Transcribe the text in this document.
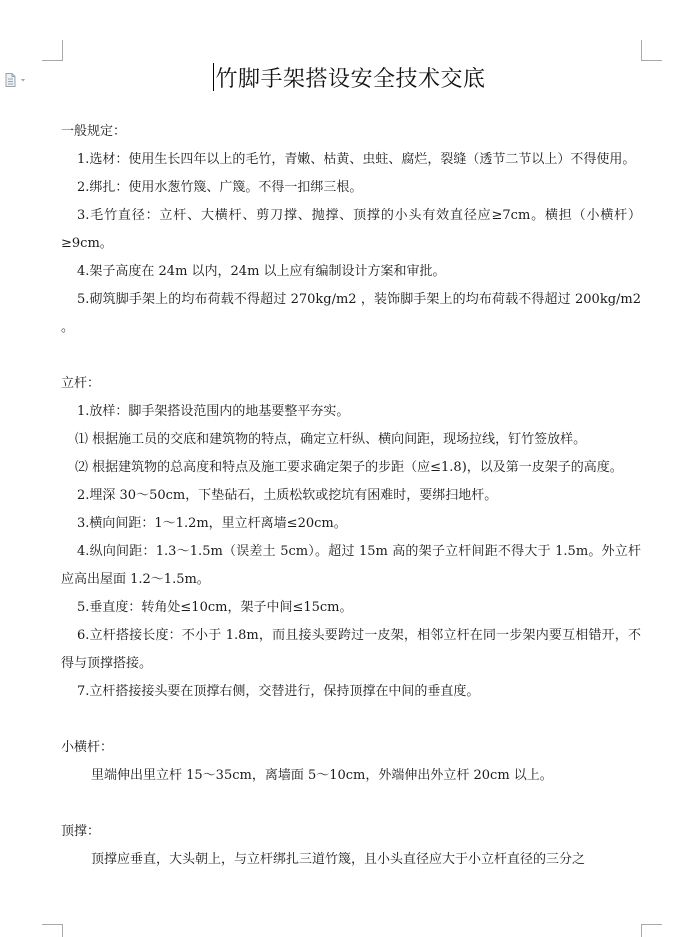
竹脚手架搭设安全技术交底

一般规定：

1.选材：使用生长四年以上的毛竹，青嫩、枯黄、虫蛀、腐烂，裂缝（透节二节以上）不得使用。

2.绑扎：使用水葱竹篾、广篾。不得一扣绑三根。

3.毛竹直径：立杆、大横杆、剪刀撑、抛撑、顶撑的小头有效直径应≥7cm。横担（小横杆）≥9cm。

4.架子高度在 24m 以内，24m 以上应有编制设计方案和审批。

5.砌筑脚手架上的均布荷载不得超过 270kg/m2 ，装饰脚手架上的均布荷载不得超过 200kg/m2 。

立杆：

1.放样：脚手架搭设范围内的地基要整平夯实。

⑴ 根据施工员的交底和建筑物的特点，确定立杆纵、横向间距，现场拉线，钉竹签放样。

⑵ 根据建筑物的总高度和特点及施工要求确定架子的步距（应≤1.8)，以及第一皮架子的高度。

2.埋深 30～50cm，下垫砧石，土质松软或挖坑有困难时，要绑扫地杆。

3.横向间距：1～1.2m，里立杆离墙≤20cm。

4.纵向间距：1.3～1.5m（误差土 5cm）。超过 15m 高的架子立杆间距不得大于 1.5m。外立杆应高出屋面 1.2～1.5m。

5.垂直度：转角处≤10cm，架子中间≤15cm。

6.立杆搭接长度：不小于 1.8m，而且接头要跨过一皮架，相邻立杆在同一步架内要互相错开，不得与顶撑搭接。

7.立杆搭接接头要在顶撑右侧，交替进行，保持顶撑在中间的垂直度。

小横杆：

里端伸出里立杆 15～35cm，离墙面 5～10cm，外端伸出外立杆 20cm 以上。

顶撑：

顶撑应垂直，大头朝上，与立杆绑扎三道竹篾，且小头直径应大于小立杆直径的三分之
